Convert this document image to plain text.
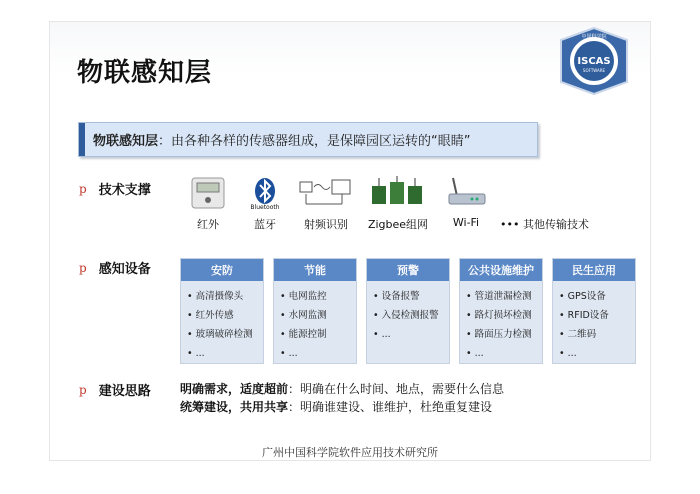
物联感知层
中国科学院
ISCAS
SOFTWARE
物联感知层：由各种各样的传感器组成，是保障园区运转的“眼睛”
p 技术支撑
红外
Bluetooth
蓝牙	射频识别	Zigbee组网	Wi-Fi	••• 其他传输技术
p 感知设备	安防
• 高清摄像头
• 红外传感
• 玻璃破碎检测
• ...
节能
• 电网监控
• 水网监测
• 能源控制
• ...
预警
• 设备报警
• 入侵检测报警
• ...
公共设施维护
• 管道泄漏检测
• 路灯损坏检测
• 路面压力检测
• ...
民生应用
• GPS设备
• RFID设备
• 二维码
• ...
p 建设思路 明确需求，适度超前：明确在什么时间、地点，需要什么信息
统筹建设，共用共享：明确谁建设、谁维护，杜绝重复建设
广州中国科学院软件应用技术研究所
